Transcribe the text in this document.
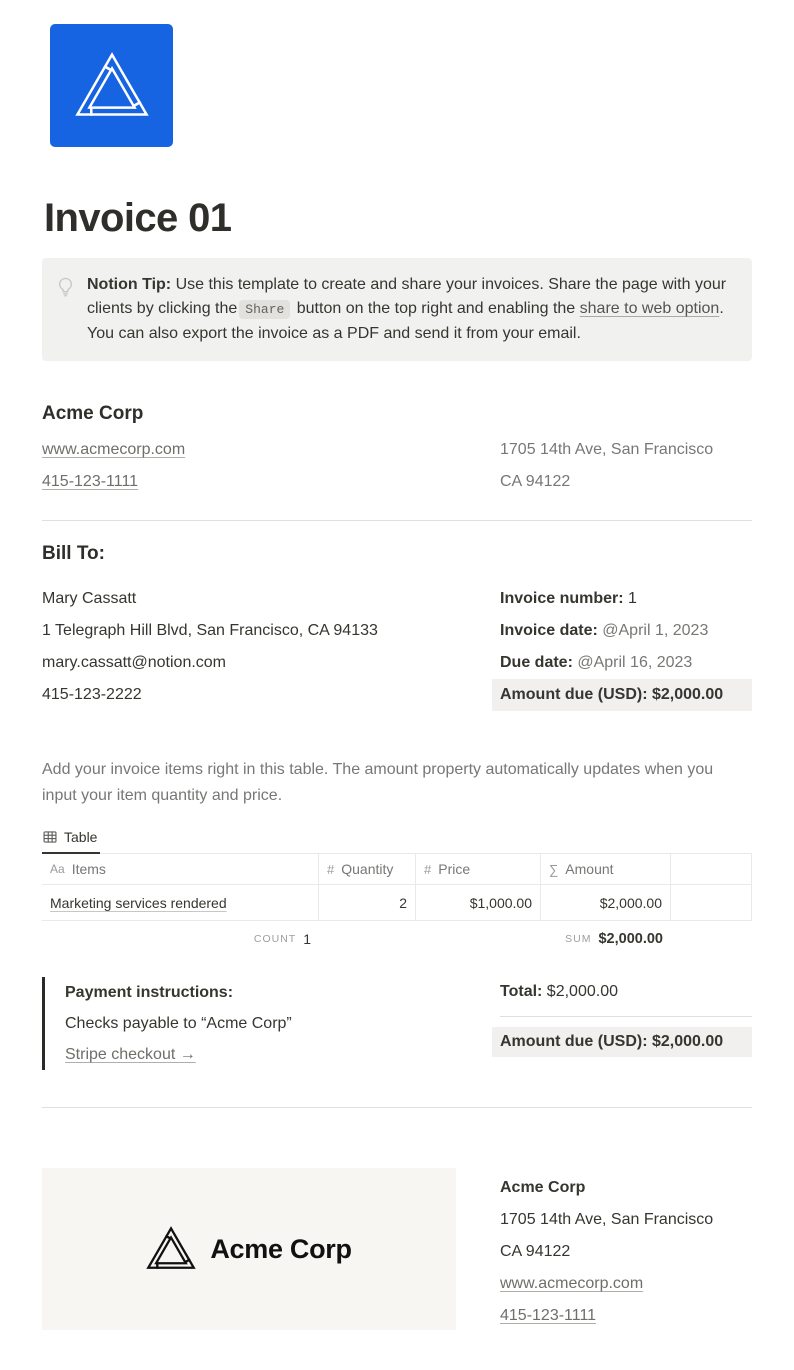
Invoice 01
Notion Tip: Use this template to create and share your invoices. Share the page with your clients by clicking the Share button on the top right and enabling the share to web option. You can also export the invoice as a PDF and send it from your email.
Acme Corp
www.acmecorp.com
415-123-1111
1705 14th Ave, San Francisco
CA 94122
Bill To:
Mary Cassatt
1 Telegraph Hill Blvd, San Francisco, CA 94133
mary.cassatt@notion.com
415-123-2222
Invoice number: 1
Invoice date: @April 1, 2023
Due date: @April 16, 2023
Amount due (USD): $2,000.00

Add your invoice items right in this table. The amount property automatically updates when you input your item quantity and price.

Table
Aa Items	# Quantity # Price	∑ Amount
Marketing services rendered	2	$1,000.00	$2,000.00
COUNT 1	SUM $2,000.00
Payment instructions:
Checks payable to “Acme Corp”
Stripe checkout →
Total: $2,000.00
Amount due (USD): $2,000.00
Acme Corp
Acme Corp
1705 14th Ave, San Francisco
CA 94122
www.acmecorp.com
415-123-1111
